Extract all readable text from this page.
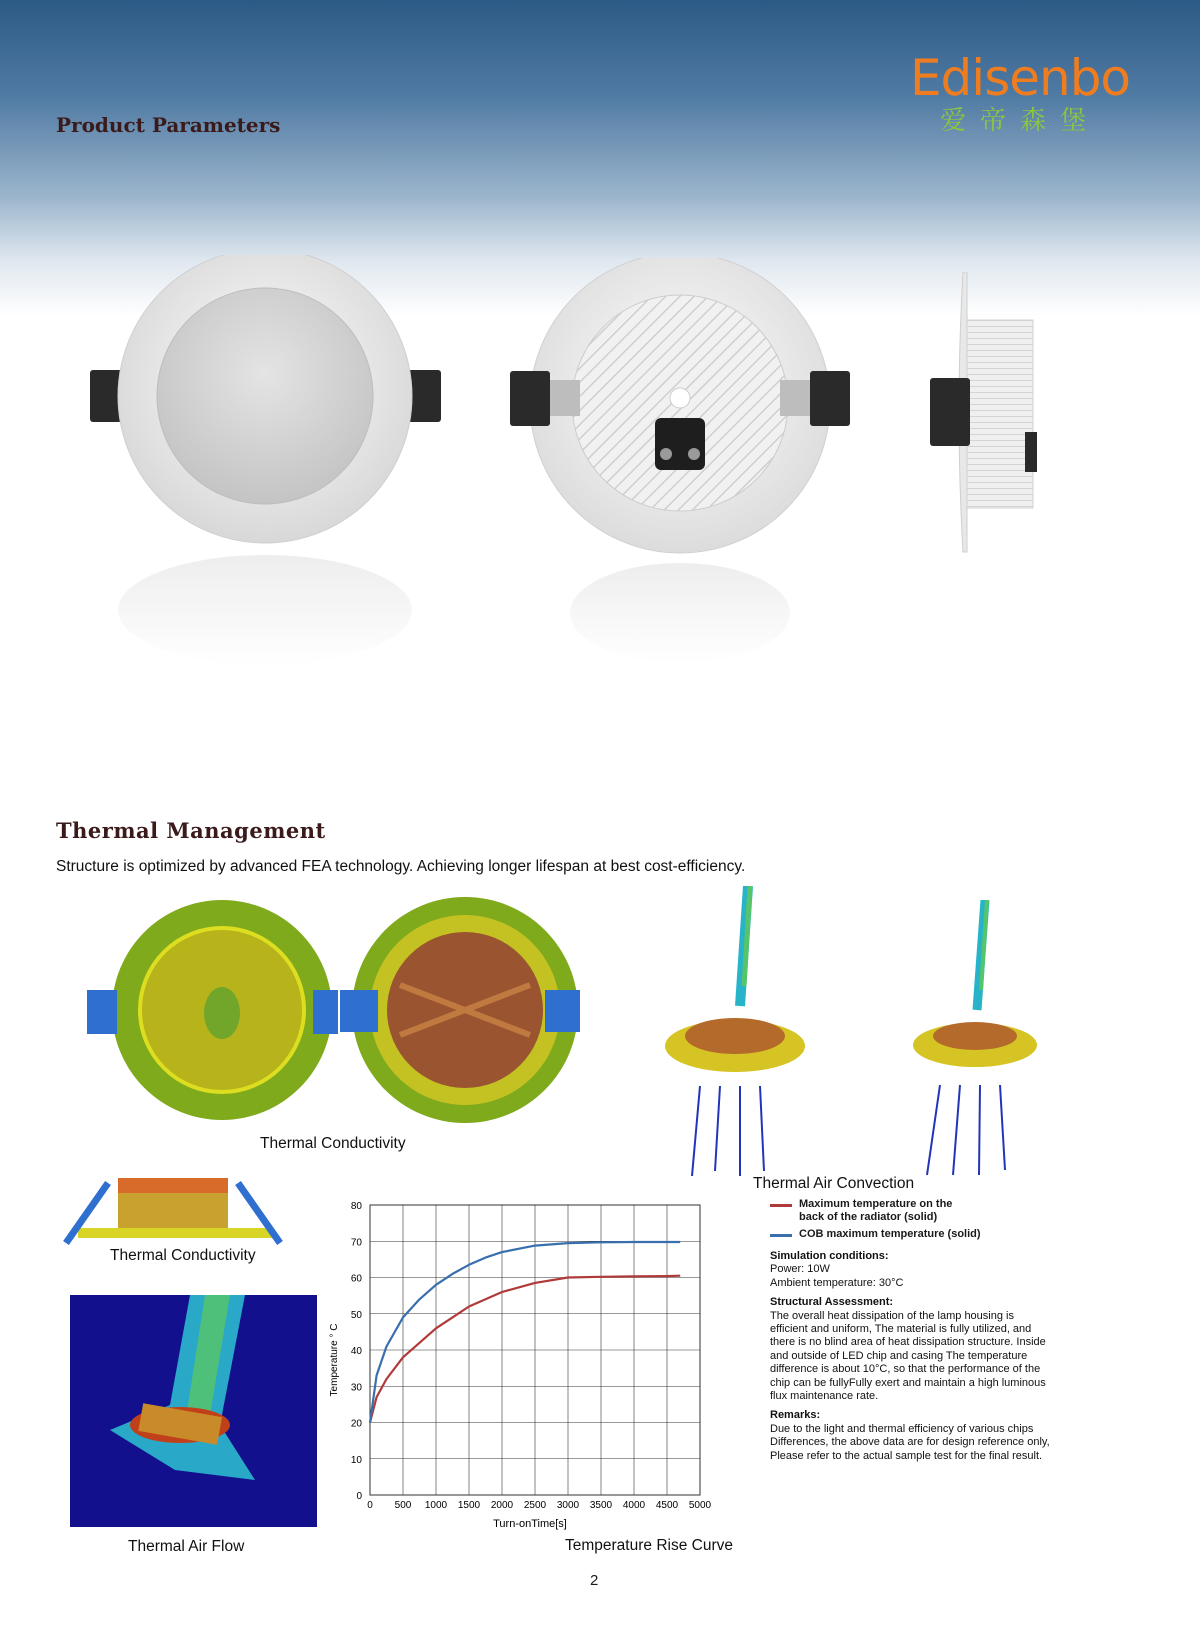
Edisenbo
爱帝森堡
Product Parameters
Thermal Management
Structure is optimized by advanced FEA technology. Achieving longer lifespan at best cost-efficiency.
Thermal Conductivity
Thermal Air Convection
Thermal Conductivity
Thermal Air Flow
0 500 1000 1500 2000 2500 3000 3500 4000 4500 5000
0
10
20
30
40
50
60
70
80
Turn-onTime[s]
Temperature ° C
Temperature Rise Curve
Maximum temperature on the back of the radiator (solid)
COB maximum temperature (solid)

Simulation conditions:
Power: 10W
Ambient temperature: 30°C

Structural Assessment:
The overall heat dissipation of the lamp housing is efficient and uniform, The material is fully utilized, and there is no blind area of heat dissipation structure. Inside and outside of LED chip and casing The temperature difference is about 10°C, so that the performance of the chip can be fullyFully exert and maintain a high luminous flux maintenance rate.

Remarks:
Due to the light and thermal efficiency of various chips Differences, the above data are for design reference only, Please refer to the actual sample test for the final result.

2
